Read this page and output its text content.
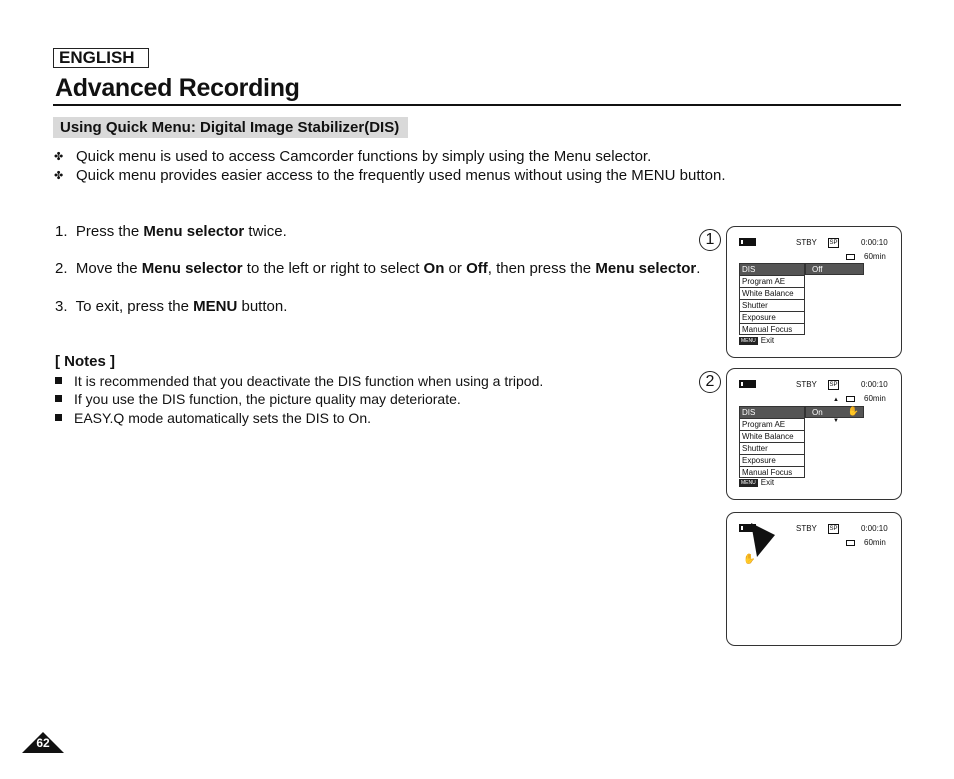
ENGLISH
Advanced Recording
Using Quick Menu: Digital Image Stabilizer(DIS)
✤ Quick menu is used to access Camcorder functions by simply using the Menu selector.
✤ Quick menu provides easier access to the frequently used menus without using the MENU button.
1. Press the Menu selector twice.
2. Move the Menu selector to the left or right to select On or Off, then press the Menu selector.
3. To exit, press the MENU button.
[ Notes ]
It is recommended that you deactivate the DIS function when using a tripod.
If you use the DIS function, the picture quality may deteriorate.
EASY.Q mode automatically sets the DIS to On.
1	STBY SP	0:00:10
60min
DIS
Program AE
White Balance
Shutter
Exposure
Manual Focus
Off
MENU Exit
2	STBY SP	0:00:10
60min
▲
DIS
Program AE
White Balance
Shutter
Exposure
Manual Focus
On	✋
▼
MENU Exit
✋
STBY SP	0:00:10
60min
62
